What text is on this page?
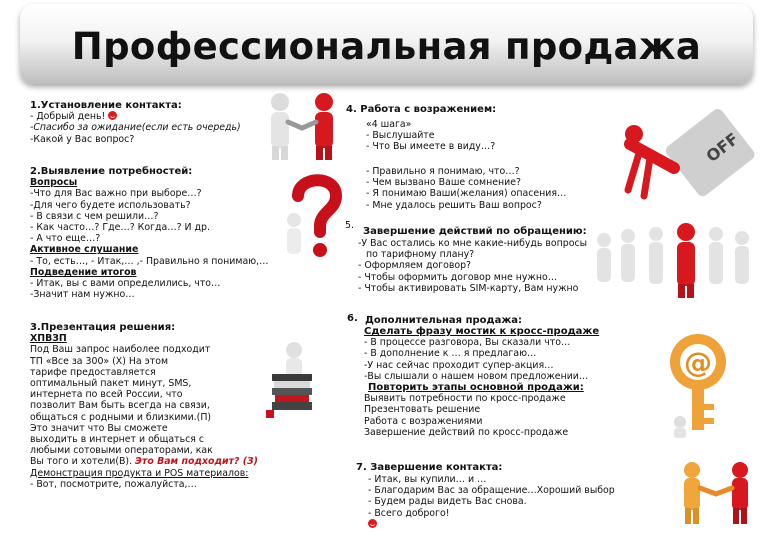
Профессиональная продажа
1.Установление контакта:
- Добрый день!
-Спасибо за ожидание(если есть очередь)
-Какой у Вас вопрос?
2.Выявление потребностей:
Вопросы
-Что для Вас важно при выборе…?
-Для чего будете использовать?
- В связи с чем решили…?
- Как часто…? Где…? Когда…? И др.
- А что еще…?
Активное слушание
- То, есть…, - Итак,… ,- Правильно я понимаю,…
Подведение итогов
- Итак, вы с вами определились, что…
-Значит нам нужно…
3.Презентация решения:
ХПВЗП
Под Ваш запрос наиболее подходит
ТП «Все за 300» (Х) На этом
тарифе предоставляется
оптимальный пакет минут, SMS,
интернета по всей России, что
позволит Вам быть всегда на связи,
общаться с родными и близкими.(П)
Это значит что Вы сможете
выходить в интернет и общаться с
любыми сотовыми операторами, как
Вы того и хотели(В). Это Вам подходит? (З)
Демонстрация продукта и POS материалов:
- Вот, посмотрите, пожалуйста,…
4. Работа с возражением:
«4 шага»
- Выслушайте
- Что Вы имеете в виду…?
- Правильно я понимаю, что…?
- Чем вызвано Ваше сомнение?
- Я понимаю Ваши(желания) опасения…
- Мне удалось решить Ваш вопрос?
5.
Завершение действий по обращению:
-У Вас остались ко мне какие-нибудь вопросы
по тарифному плану?
- Оформляем договор?
- Чтобы оформить договор мне нужно…
- Чтобы активировать SIM-карту, Вам нужно
6. Дополнительная продажа:
Сделать фразу мостик к кросс-продаже
- В процессе разговора, Вы сказали что…
- В дополнение к … я предлагаю…
-У нас сейчас проходит супер-акция…
-Вы слышали о нашем новом предложении…
Повторить этапы основной продажи:
Выявить потребности по кросс-продаже
Презентовать решение
Работа с возражениями
Завершение действий по кросс-продаже
7. Завершение контакта:
- Итак, вы купили… и …
- Благодарим Вас за обращение…Хороший выбор
- Будем рады видеть Вас снова.
- Всего доброго!
OFF
@
